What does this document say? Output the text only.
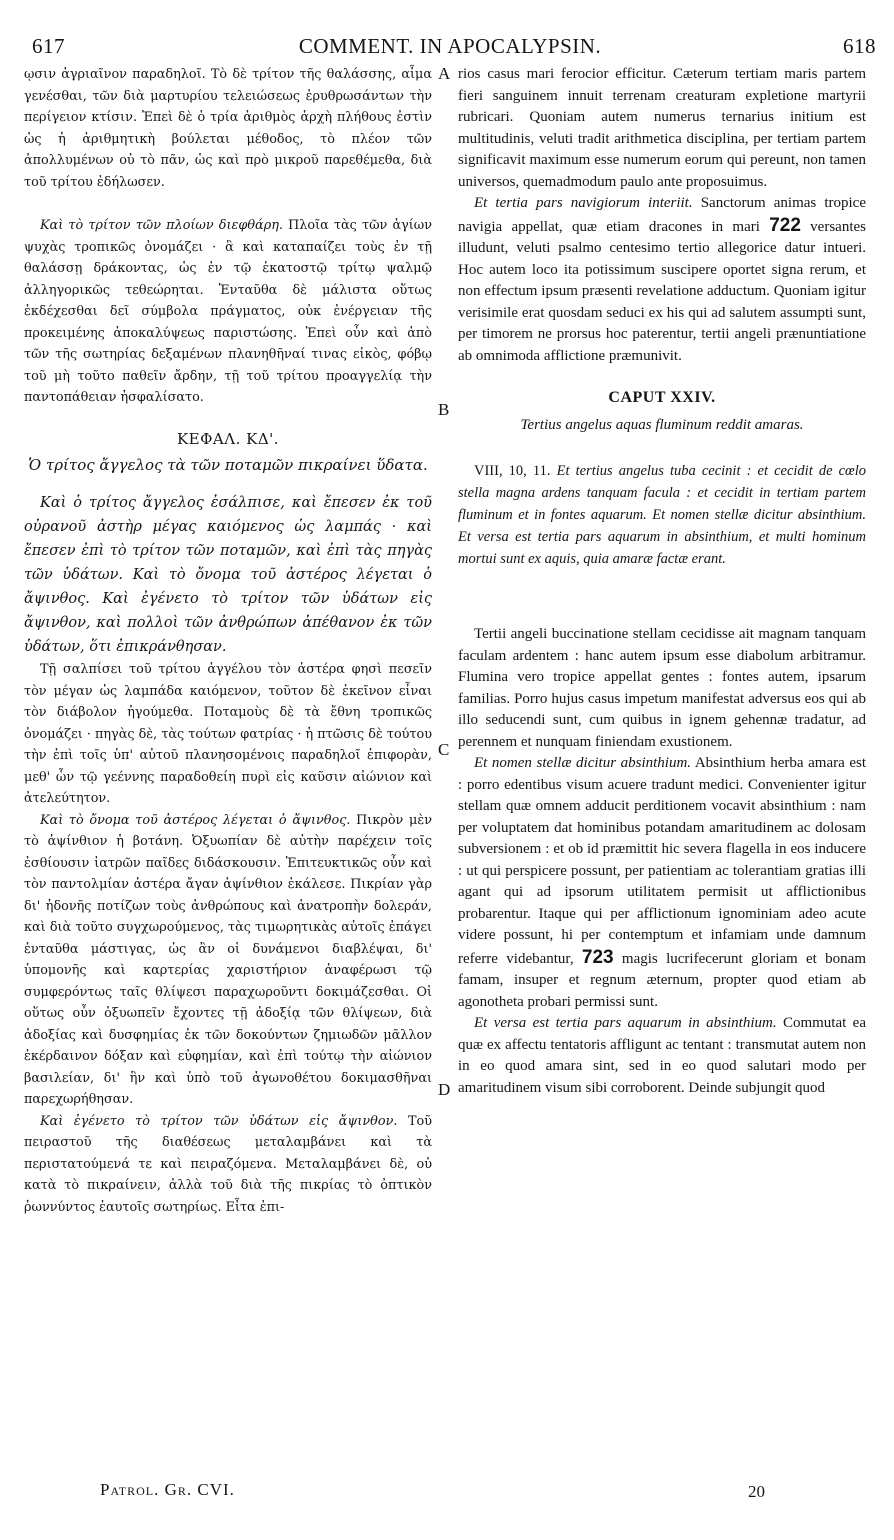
617	COMMENT. IN APOCALYPSIN.	618

ῳσιν ἀγριαῖνον παραδηλοῖ. Τὸ δὲ τρίτον τῆς θαλάσσης, αἷμα γενέσθαι, τῶν διὰ μαρτυρίου τελειώσεως ἐρυθρωσάντων τὴν περίγειον κτίσιν. Ἐπεὶ δὲ ὁ τρία ἀριθμὸς ἀρχὴ πλήθους ἐστὶν ὡς ἡ ἀριθμητικὴ βούλεται μέθοδος, τὸ πλέον τῶν ἀπολλυμένων οὐ τὸ πᾶν, ὡς καὶ πρὸ μικροῦ παρεθέμεθα, διὰ τοῦ τρίτου ἐδήλωσεν.

Καὶ τὸ τρίτον τῶν πλοίων διεφθάρη. Πλοῖα τὰς τῶν ἁγίων ψυχὰς τροπικῶς ὀνομάζει · ἃ καὶ καταπαίζει τοὺς ἐν τῇ θαλάσσῃ δράκοντας, ὡς ἐν τῷ ἑκατοστῷ τρίτῳ ψαλμῷ ἀλληγορικῶς τεθεώρηται. Ἐνταῦθα δὲ μάλιστα οὕτως ἐκδέχεσθαι δεῖ σύμβολα πράγματος, οὐκ ἐνέργειαν τῆς προκειμένης ἀποκαλύψεως παριστώσης. Ἐπεὶ οὖν καὶ ἀπὸ τῶν τῆς σωτηρίας δεξαμένων πλανηθῆναί τινας εἰκὸς, φόβῳ τοῦ μὴ τοῦτο παθεῖν ἄρδην, τῇ τοῦ τρίτου προαγγελίᾳ τὴν παντοπάθειαν ἠσφαλίσατο.

ΚΕΦΑΛ. ΚΔ'.

Ὁ τρίτος ἄγγελος τὰ τῶν ποταμῶν πικραίνει ὕδατα.

Καὶ ὁ τρίτος ἄγγελος ἐσάλπισε, καὶ ἔπεσεν ἐκ τοῦ οὐρανοῦ ἀστὴρ μέγας καιόμενος ὡς λαμπάς · καὶ ἔπεσεν ἐπὶ τὸ τρίτον τῶν ποταμῶν, καὶ ἐπὶ τὰς πηγὰς τῶν ὑδάτων. Καὶ τὸ ὄνομα τοῦ ἀστέρος λέγεται ὁ ἄψινθος. Καὶ ἐγένετο τὸ τρίτον τῶν ὑδάτων εἰς ἄψινθον, καὶ πολλοὶ τῶν ἀνθρώπων ἀπέθανον ἐκ τῶν ὑδάτων, ὅτι ἐπικράνθησαν.

Τῇ σαλπίσει τοῦ τρίτου ἀγγέλου τὸν ἀστέρα φησὶ πεσεῖν τὸν μέγαν ὡς λαμπάδα καιόμενον, τοῦτον δὲ ἐκεῖνον εἶναι τὸν διάβολον ἡγούμεθα. Ποταμοὺς δὲ τὰ ἔθνη τροπικῶς ὀνομάζει · πηγὰς δὲ, τὰς τούτων φατρίας · ἡ πτῶσις δὲ τούτου τὴν ἐπὶ τοῖς ὑπ' αὐτοῦ πλανησομένοις παραδηλοῖ ἐπιφορὰν, μεθ' ὧν τῷ γεέννης παραδοθείη πυρὶ εἰς καῦσιν αἰώνιον καὶ ἀτελεύτητον.

Καὶ τὸ ὄνομα τοῦ ἀστέρος λέγεται ὁ ἄψινθος. Πικρὸν μὲν τὸ ἀψίνθιον ἡ βοτάνη. Ὀξυωπίαν δὲ αὐτὴν παρέχειν τοῖς ἐσθίουσιν ἰατρῶν παῖδες διδάσκουσιν. Ἐπιτευκτικῶς οὖν καὶ τὸν παντολμίαν ἀστέρα ἄγαν ἀψίνθιον ἐκάλεσε. Πικρίαν γὰρ δι' ἡδονῆς ποτίζων τοὺς ἀνθρώπους καὶ ἀνατροπὴν δολεράν, καὶ διὰ τοῦτο συγχωρούμενος, τὰς τιμωρητικὰς αὐτοῖς ἐπάγει ἐνταῦθα μάστιγας, ὡς ἂν οἱ δυνάμενοι διαβλέψαι, δι' ὑπομονῆς καὶ καρτερίας χαριστήριον ἀναφέρωσι τῷ συμφερόντως ταῖς θλίψεσι παραχωροῦντι δοκιμάζεσθαι. Οἱ οὕτως οὖν ὀξυωπεῖν ἔχοντες τῇ ἀδοξίᾳ τῶν θλίψεων, διὰ ἀδοξίας καὶ δυσφημίας ἐκ τῶν δοκούντων ζημιωδῶν μᾶλλον ἐκέρδαινον δόξαν καὶ εὐφημίαν, καὶ ἐπὶ τούτῳ τὴν αἰώνιον βασιλείαν, δι' ἣν καὶ ὑπὸ τοῦ ἀγωνοθέτου δοκιμασθῆναι παρεχωρήθησαν.

Καὶ ἐγένετο τὸ τρίτον τῶν ὑδάτων εἰς ἄψινθον. Τοῦ πειραστοῦ τῆς διαθέσεως μεταλαμβάνει καὶ τὰ περιστατούμενά τε καὶ πειραζόμενα. Μεταλαμβάνει δὲ, οὐ κατὰ τὸ πικραίνειν, ἀλλὰ τοῦ διὰ τῆς πικρίας τὸ ὀπτικὸν ῥωννύντος ἑαυτοῖς σωτηρίως. Εἶτα ἐπι-

A
B
C
D

rios casus mari ferocior efficitur. Cæterum tertiam maris partem fieri sanguinem innuit terrenam creaturam expletione martyrii rubricari. Quoniam autem numerus ternarius initium est multitudinis, veluti tradit arithmetica disciplina, per tertiam partem significavit maximum esse numerum eorum qui pereunt, non tamen universos, quemadmodum paulo ante proposuimus.

Et tertia pars navigiorum interiit. Sanctorum animas tropice navigia appellat, quæ etiam dracones in mari 722 versantes illudunt, veluti psalmo centesimo tertio allegorice datur intueri. Hoc autem loco ita potissimum suscipere oportet signa rerum, et non effectum ipsum præsenti revelatione adductum. Quoniam igitur verisimile erat quosdam seduci ex his qui ad salutem assumpti sunt, per timorem ne prorsus hoc paterentur, tertii angeli prænuntiatione ab omnimoda afflictione præmunivit.

CAPUT XXIV.

Tertius angelus aquas fluminum reddit amaras.

VIII, 10, 11. Et tertius angelus tuba cecinit : et cecidit de cœlo stella magna ardens tanquam facula : et cecidit in tertiam partem fluminum et in fontes aquarum. Et nomen stellæ dicitur absinthium. Et versa est tertia pars aquarum in absinthium, et multi hominum mortui sunt ex aquis, quia amaræ factæ erant.

Tertii angeli buccinatione stellam cecidisse ait magnam tanquam faculam ardentem : hanc autem ipsum esse diabolum arbitramur. Flumina vero tropice appellat gentes : fontes autem, ipsarum familias. Porro hujus casus impetum manifestat adversus eos qui ab illo seducendi sunt, cum quibus in ignem gehennæ tradatur, ad perennem et nunquam finiendam exustionem.

Et nomen stellæ dicitur absinthium. Absinthium herba amara est : porro edentibus visum acuere tradunt medici. Convenienter igitur stellam quæ omnem adducit perditionem vocavit absinthium : nam per voluptatem dat hominibus potandam amaritudinem ac dolosam subversionem : et ob id præmittit hic severa flagella in eos inducere : ut qui perspicere possunt, per patientiam ac tolerantiam gratias illi agant qui ad ipsorum utilitatem permisit ut afflictionibus probarentur. Itaque qui per afflictionum ignominiam adeo acute videre possunt, hi per contemptum et infamiam unde damnum referre videbantur, 723 magis lucrifecerunt gloriam et bonam famam, insuper et regnum æternum, propter quod etiam ab agonotheta probari permissi sunt.

Et versa est tertia pars aquarum in absinthium. Commutat ea quæ ex affectu tentatoris affligunt ac tentant : transmutat autem non in eo quod amara sint, sed in eo quod salutari modo per amaritudinem visum sibi corroborent. Deinde subjungit quod

Patrol. Gr. CVI.	20
